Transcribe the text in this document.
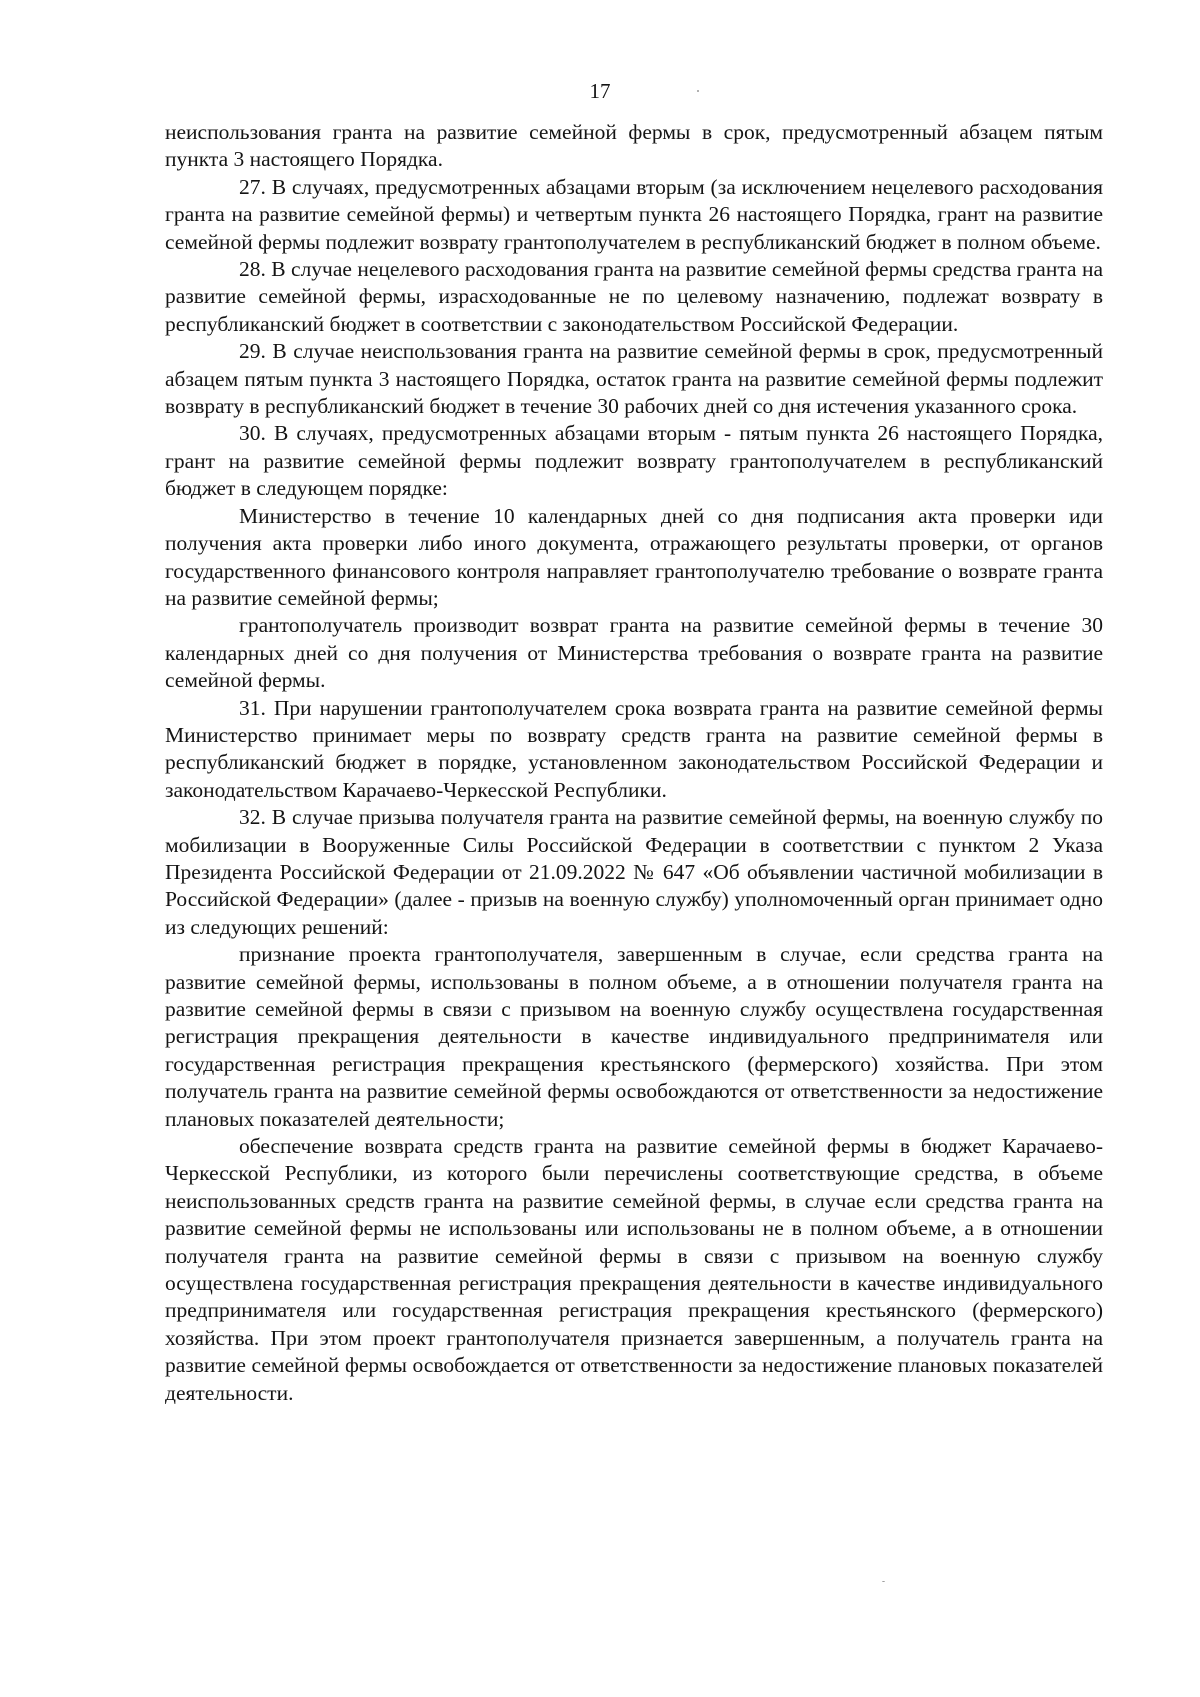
17

неиспользования гранта на развитие семейной фермы в срок, предусмотренный абзацем пятым пункта 3 настоящего Порядка.

27. В случаях, предусмотренных абзацами вторым (за исключением нецелевого расходования гранта на развитие семейной фермы) и четвертым пункта 26 настоящего Порядка, грант на развитие семейной фермы подлежит возврату грантополучателем в республиканский бюджет в полном объеме.

28. В случае нецелевого расходования гранта на развитие семейной фермы средства гранта на развитие семейной фермы, израсходованные не по целевому назначению, подлежат возврату в республиканский бюджет в соответствии с законодательством Российской Федерации.

29. В случае неиспользования гранта на развитие семейной фермы в срок, предусмотренный абзацем пятым пункта 3 настоящего Порядка, остаток гранта на развитие семейной фермы подлежит возврату в республиканский бюджет в течение 30 рабочих дней со дня истечения указанного срока.

30. В случаях, предусмотренных абзацами вторым - пятым пункта 26 настоящего Порядка, грант на развитие семейной фермы подлежит возврату грантополучателем в республиканский бюджет в следующем порядке:

Министерство в течение 10 календарных дней со дня подписания акта проверки иди получения акта проверки либо иного документа, отражающего результаты проверки, от органов государственного финансового контроля направляет грантополучателю требование о возврате гранта на развитие семейной фермы;

грантополучатель производит возврат гранта на развитие семейной фермы в течение 30 календарных дней со дня получения от Министерства требования о возврате гранта на развитие семейной фермы.

31. При нарушении грантополучателем срока возврата гранта на развитие семейной фермы Министерство принимает меры по возврату средств гранта на развитие семейной фермы в республиканский бюджет в порядке, установленном законодательством Российской Федерации и законодательством Карачаево-Черкесской Республики.

32. В случае призыва получателя гранта на развитие семейной фермы, на военную службу по мобилизации в Вооруженные Силы Российской Федерации в соответствии с пунктом 2 Указа Президента Российской Федерации от 21.09.2022 № 647 «Об объявлении частичной мобилизации в Российской Федерации» (далее - призыв на военную службу) уполномоченный орган принимает одно из следующих решений:

признание проекта грантополучателя, завершенным в случае, если средства гранта на развитие семейной фермы, использованы в полном объеме, а в отношении получателя гранта на развитие семейной фермы в связи с призывом на военную службу осуществлена государственная регистрация прекращения деятельности в качестве индивидуального предпринимателя или государственная регистрация прекращения крестьянского (фермерского) хозяйства. При этом получатель гранта на развитие семейной фермы освобождаются от ответственности за недостижение плановых показателей деятельности;

обеспечение возврата средств гранта на развитие семейной фермы в бюджет Карачаево-Черкесской Республики, из которого были перечислены соответствующие средства, в объеме неиспользованных средств гранта на развитие семейной фермы, в случае если средства гранта на развитие семейной фермы не использованы или использованы не в полном объеме, а в отношении получателя гранта на развитие семейной фермы в связи с призывом на военную службу осуществлена государственная регистрация прекращения деятельности в качестве индивидуального предпринимателя или государственная регистрация прекращения крестьянского (фермерского) хозяйства. При этом проект грантополучателя признается завершенным, а получатель гранта на развитие семейной фермы освобождается от ответственности за недостижение плановых показателей деятельности.
